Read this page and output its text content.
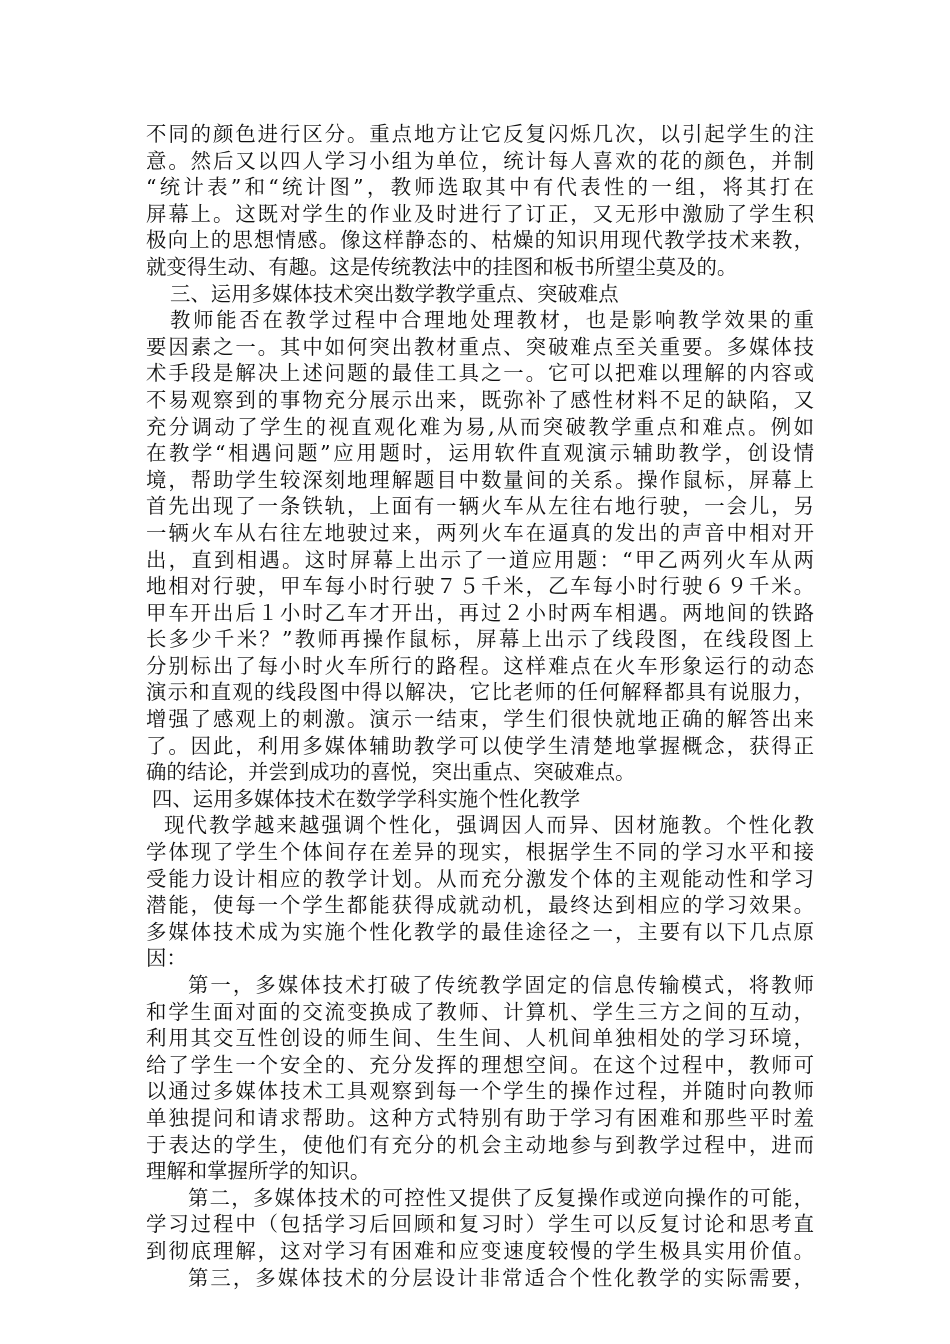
不同的颜色进行区分。重点地方让它反复闪烁几次，以引起学生的注
意。然后又以四人学习小组为单位，统计每人喜欢的花的颜色，并制
“统计表”和“统计图”，教师选取其中有代表性的一组，将其打在
屏幕上。这既对学生的作业及时进行了订正，又无形中激励了学生积
极向上的思想情感。像这样静态的、枯燥的知识用现代教学技术来教，
就变得生动、有趣。这是传统教法中的挂图和板书所望尘莫及的。
三、运用多媒体技术突出数学教学重点、突破难点
教师能否在教学过程中合理地处理教材，也是影响教学效果的重
要因素之一。其中如何突出教材重点、突破难点至关重要。多媒体技
术手段是解决上述问题的最佳工具之一。它可以把难以理解的内容或
不易观察到的事物充分展示出来，既弥补了感性材料不足的缺陷，又
充分调动了学生的视直观化难为易,从而突破教学重点和难点。例如
在教学“相遇问题”应用题时，运用软件直观演示辅助教学，创设情
境，帮助学生较深刻地理解题目中数量间的关系。操作鼠标，屏幕上
首先出现了一条铁轨，上面有一辆火车从左往右地行驶，一会儿，另
一辆火车从右往左地驶过来，两列火车在逼真的发出的声音中相对开
出，直到相遇。这时屏幕上出示了一道应用题：“甲乙两列火车从两
地相对行驶，甲车每小时行驶７５千米，乙车每小时行驶６９千米。
甲车开出后１小时乙车才开出，再过２小时两车相遇。两地间的铁路
长多少千米？”教师再操作鼠标，屏幕上出示了线段图，在线段图上
分别标出了每小时火车所行的路程。这样难点在火车形象运行的动态
演示和直观的线段图中得以解决，它比老师的任何解释都具有说服力，
增强了感观上的刺激。演示一结束，学生们很快就地正确的解答出来
了。因此，利用多媒体辅助教学可以使学生清楚地掌握概念，获得正
确的结论，并尝到成功的喜悦，突出重点、突破难点。
四、运用多媒体技术在数学学科实施个性化教学
现代教学越来越强调个性化，强调因人而异、因材施教。个性化教
学体现了学生个体间存在差异的现实，根据学生不同的学习水平和接
受能力设计相应的教学计划。从而充分激发个体的主观能动性和学习
潜能，使每一个学生都能获得成就动机，最终达到相应的学习效果。
多媒体技术成为实施个性化教学的最佳途径之一，主要有以下几点原
因：
第一，多媒体技术打破了传统教学固定的信息传输模式，将教师
和学生面对面的交流变换成了教师、计算机、学生三方之间的互动，
利用其交互性创设的师生间、生生间、人机间单独相处的学习环境，
给了学生一个安全的、充分发挥的理想空间。在这个过程中，教师可
以通过多媒体技术工具观察到每一个学生的操作过程，并随时向教师
单独提问和请求帮助。这种方式特别有助于学习有困难和那些平时羞
于表达的学生，使他们有充分的机会主动地参与到教学过程中，进而
理解和掌握所学的知识。
第二，多媒体技术的可控性又提供了反复操作或逆向操作的可能，
学习过程中（包括学习后回顾和复习时）学生可以反复讨论和思考直
到彻底理解，这对学习有困难和应变速度较慢的学生极具实用价值。
第三，多媒体技术的分层设计非常适合个性化教学的实际需要，
